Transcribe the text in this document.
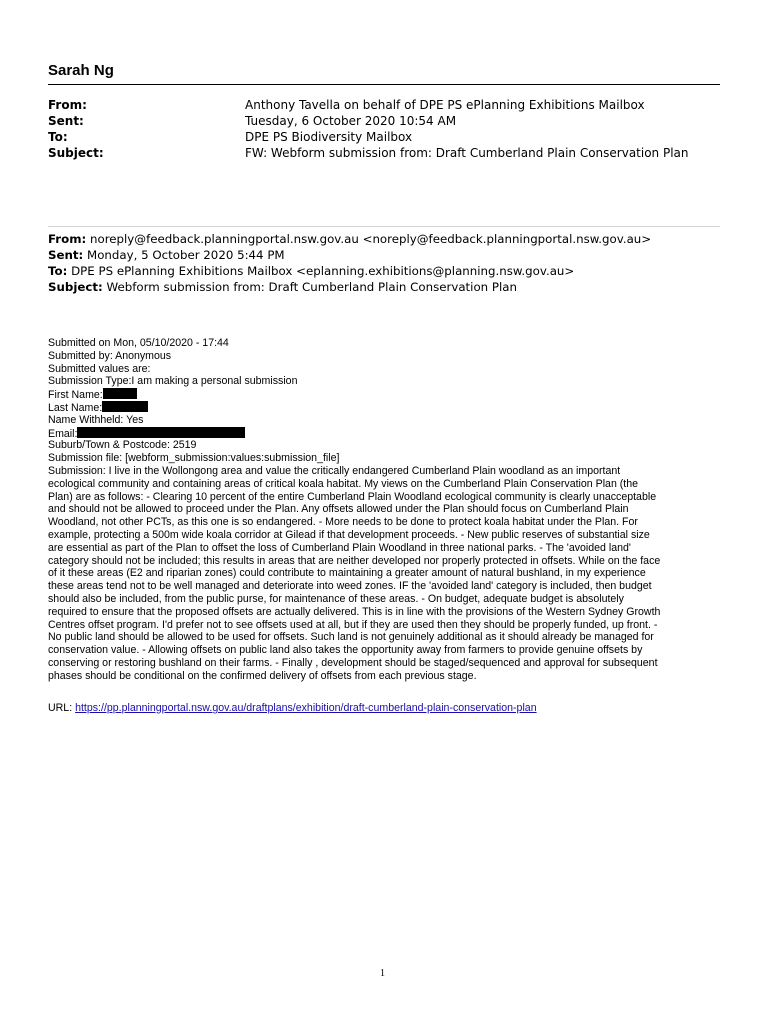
Sarah Ng
From:	Anthony Tavella on behalf of DPE PS ePlanning Exhibitions Mailbox
Sent:	Tuesday, 6 October 2020 10:54 AM
To:	DPE PS Biodiversity Mailbox
Subject:	FW: Webform submission from: Draft Cumberland Plain Conservation Plan
From: noreply@feedback.planningportal.nsw.gov.au <noreply@feedback.planningportal.nsw.gov.au>
Sent: Monday, 5 October 2020 5:44 PM
To: DPE PS ePlanning Exhibitions Mailbox <eplanning.exhibitions@planning.nsw.gov.au>
Subject: Webform submission from: Draft Cumberland Plain Conservation Plan
Submitted on Mon, 05/10/2020 - 17:44
Submitted by: Anonymous
Submitted values are:
Submission Type:I am making a personal submission
First Name:
Last Name:
Name Withheld: Yes
Email:
Suburb/Town & Postcode: 2519
Submission file: [webform_submission:values:submission_file]
Submission: I live in the Wollongong area and value the critically endangered Cumberland Plain woodland as an important
ecological community and containing areas of critical koala habitat. My views on the Cumberland Plain Conservation Plan (the
Plan) are as follows: - Clearing 10 percent of the entire Cumberland Plain Woodland ecological community is clearly unacceptable
and should not be allowed to proceed under the Plan. Any offsets allowed under the Plan should focus on Cumberland Plain
Woodland, not other PCTs, as this one is so endangered. - More needs to be done to protect koala habitat under the Plan. For
example, protecting a 500m wide koala corridor at Gilead if that development proceeds. - New public reserves of substantial size
are essential as part of the Plan to offset the loss of Cumberland Plain Woodland in three national parks. - The 'avoided land'
category should not be included; this results in areas that are neither developed nor properly protected in offsets. While on the face
of it these areas (E2 and riparian zones) could contribute to maintaining a greater amount of natural bushland, in my experience
these areas tend not to be well managed and deteriorate into weed zones. IF the 'avoided land' category is included, then budget
should also be included, from the public purse, for maintenance of these areas. - On budget, adequate budget is absolutely
required to ensure that the proposed offsets are actually delivered. This is in line with the provisions of the Western Sydney Growth
Centres offset program. I'd prefer not to see offsets used at all, but if they are used then they should be properly funded, up front. -
No public land should be allowed to be used for offsets. Such land is not genuinely additional as it should already be managed for
conservation value. - Allowing offsets on public land also takes the opportunity away from farmers to provide genuine offsets by
conserving or restoring bushland on their farms. - Finally , development should be staged/sequenced and approval for subsequent
phases should be conditional on the confirmed delivery of offsets from each previous stage.
URL: https://pp.planningportal.nsw.gov.au/draftplans/exhibition/draft-cumberland-plain-conservation-plan
1
